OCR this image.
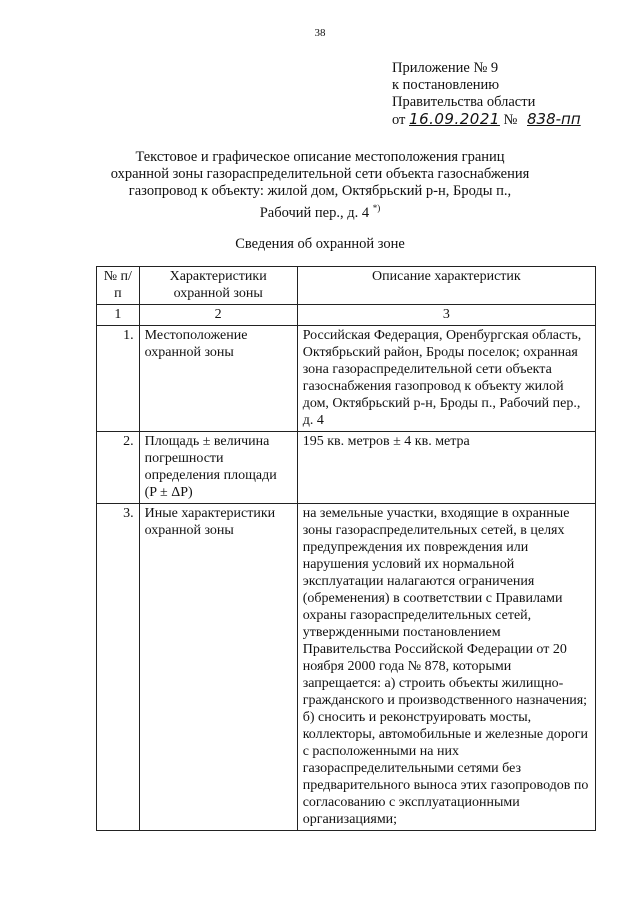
38
Приложение № 9
к постановлению
Правительства области
от 16.09.2021 № 838-пп
Текстовое и графическое описание местоположения границ охранной зоны газораспределительной сети объекта газоснабжения газопровод к объекту: жилой дом, Октябрьский р-н, Броды п., Рабочий пер., д. 4 *)
Сведения об охранной зоне
№ п/п	Характеристики охранной зоны	Описание характеристик
1	2	3
1.	Местоположение охранной зоны	Российская Федерация, Оренбургская область, Октябрьский район, Броды поселок; охранная зона газораспределительной сети объекта газоснабжения газопровод к объекту жилой дом, Октябрьский р-н, Броды п., Рабочий пер., д. 4
2.	Площадь ± величина погрешности определения площади (P ± ΔP)	195 кв. метров ± 4 кв. метра
3.	Иные характеристики охранной зоны	на земельные участки, входящие в охранные зоны газораспределительных сетей, в целях предупреждения их повреждения или нарушения условий их нормальной эксплуатации налагаются ограничения (обременения) в соответствии с Правилами охраны газораспределительных сетей, утвержденными постановлением Правительства Российской Федерации от 20 ноября 2000 года № 878, которыми запрещается: а) строить объекты жилищно-гражданского и производственного назначения; б) сносить и реконструировать мосты, коллекторы, автомобильные и железные дороги с расположенными на них газораспределительными сетями без предварительного выноса этих газопроводов по согласованию с эксплуатационными организациями;
